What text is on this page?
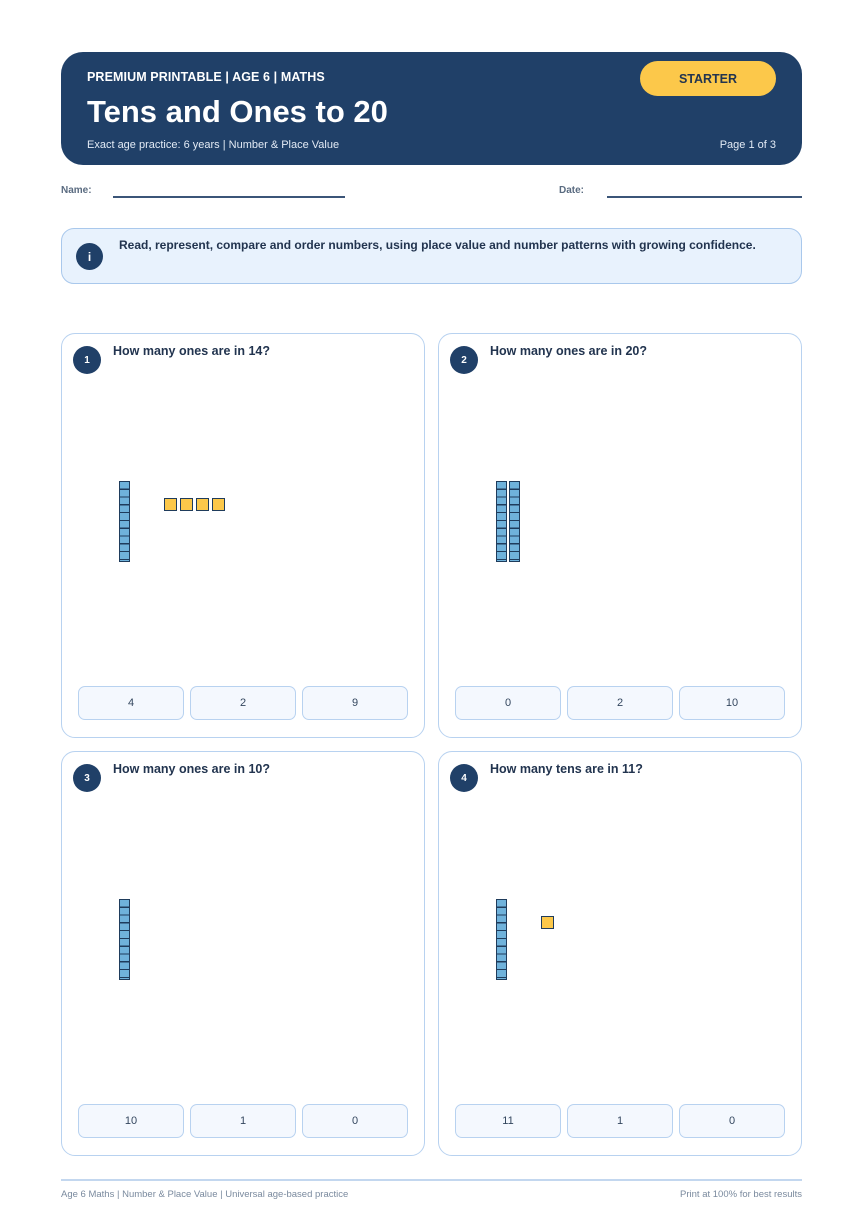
PREMIUM PRINTABLE | AGE 6 | MATHS
Tens and Ones to 20
Exact age practice: 6 years | Number & Place Value	Page 1 of 3
STARTER
Name:	Date:
i
Read, represent, compare and order numbers, using place value and number patterns with growing confidence.
1
How many ones are in 14?
4	2	9
2
How many ones are in 20?
0	2	10
3
How many ones are in 10?
10	1	0
4
How many tens are in 11?
11	1	0
Age 6 Maths | Number & Place Value | Universal age-based practice	Print at 100% for best results
